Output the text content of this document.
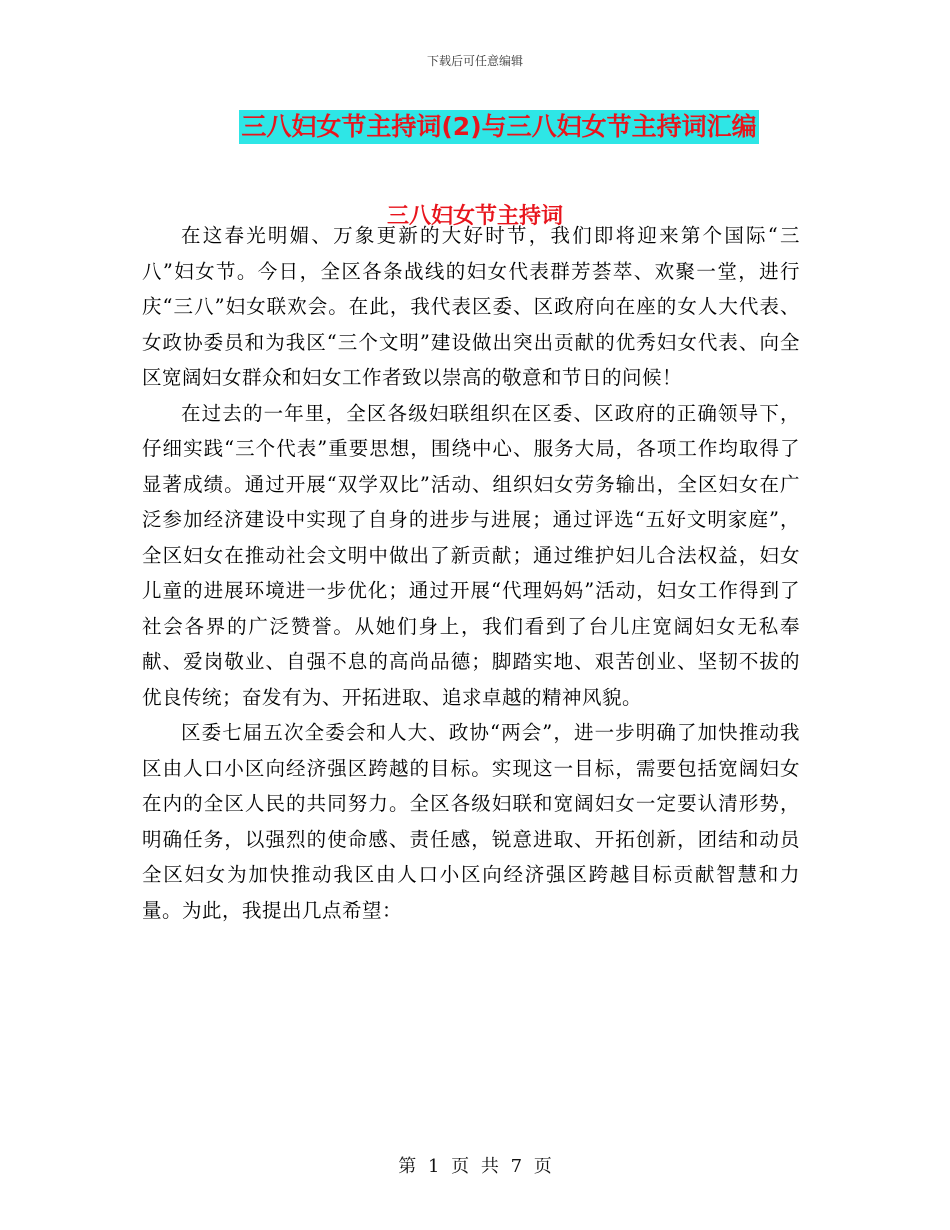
下载后可任意编辑
三八妇女节主持词(2)与三八妇女节主持词汇编
三八妇女节主持词

在这春光明媚、万象更新的大好时节，我们即将迎来第个国际“三八”妇女节。今日，全区各条战线的妇女代表群芳荟萃、欢聚一堂，进行庆“三八”妇女联欢会。在此，我代表区委、区政府向在座的女人大代表、女政协委员和为我区“三个文明”建设做出突出贡献的优秀妇女代表、向全区宽阔妇女群众和妇女工作者致以崇高的敬意和节日的问候！

在过去的一年里，全区各级妇联组织在区委、区政府的正确领导下，仔细实践“三个代表”重要思想，围绕中心、服务大局，各项工作均取得了显著成绩。通过开展“双学双比”活动、组织妇女劳务输出，全区妇女在广泛参加经济建设中实现了自身的进步与进展；通过评选“五好文明家庭”，全区妇女在推动社会文明中做出了新贡献；通过维护妇儿合法权益，妇女儿童的进展环境进一步优化；通过开展“代理妈妈”活动，妇女工作得到了社会各界的广泛赞誉。从她们身上，我们看到了台儿庄宽阔妇女无私奉献、爱岗敬业、自强不息的高尚品德；脚踏实地、艰苦创业、坚韧不拔的优良传统；奋发有为、开拓进取、追求卓越的精神风貌。

区委七届五次全委会和人大、政协“两会”，进一步明确了加快推动我区由人口小区向经济强区跨越的目标。实现这一目标，需要包括宽阔妇女在内的全区人民的共同努力。全区各级妇联和宽阔妇女一定要认清形势，明确任务，以强烈的使命感、责任感，锐意进取、开拓创新，团结和动员全区妇女为加快推动我区由人口小区向经济强区跨越目标贡献智慧和力量。为此，我提出几点希望：

第 1 页 共 7 页
